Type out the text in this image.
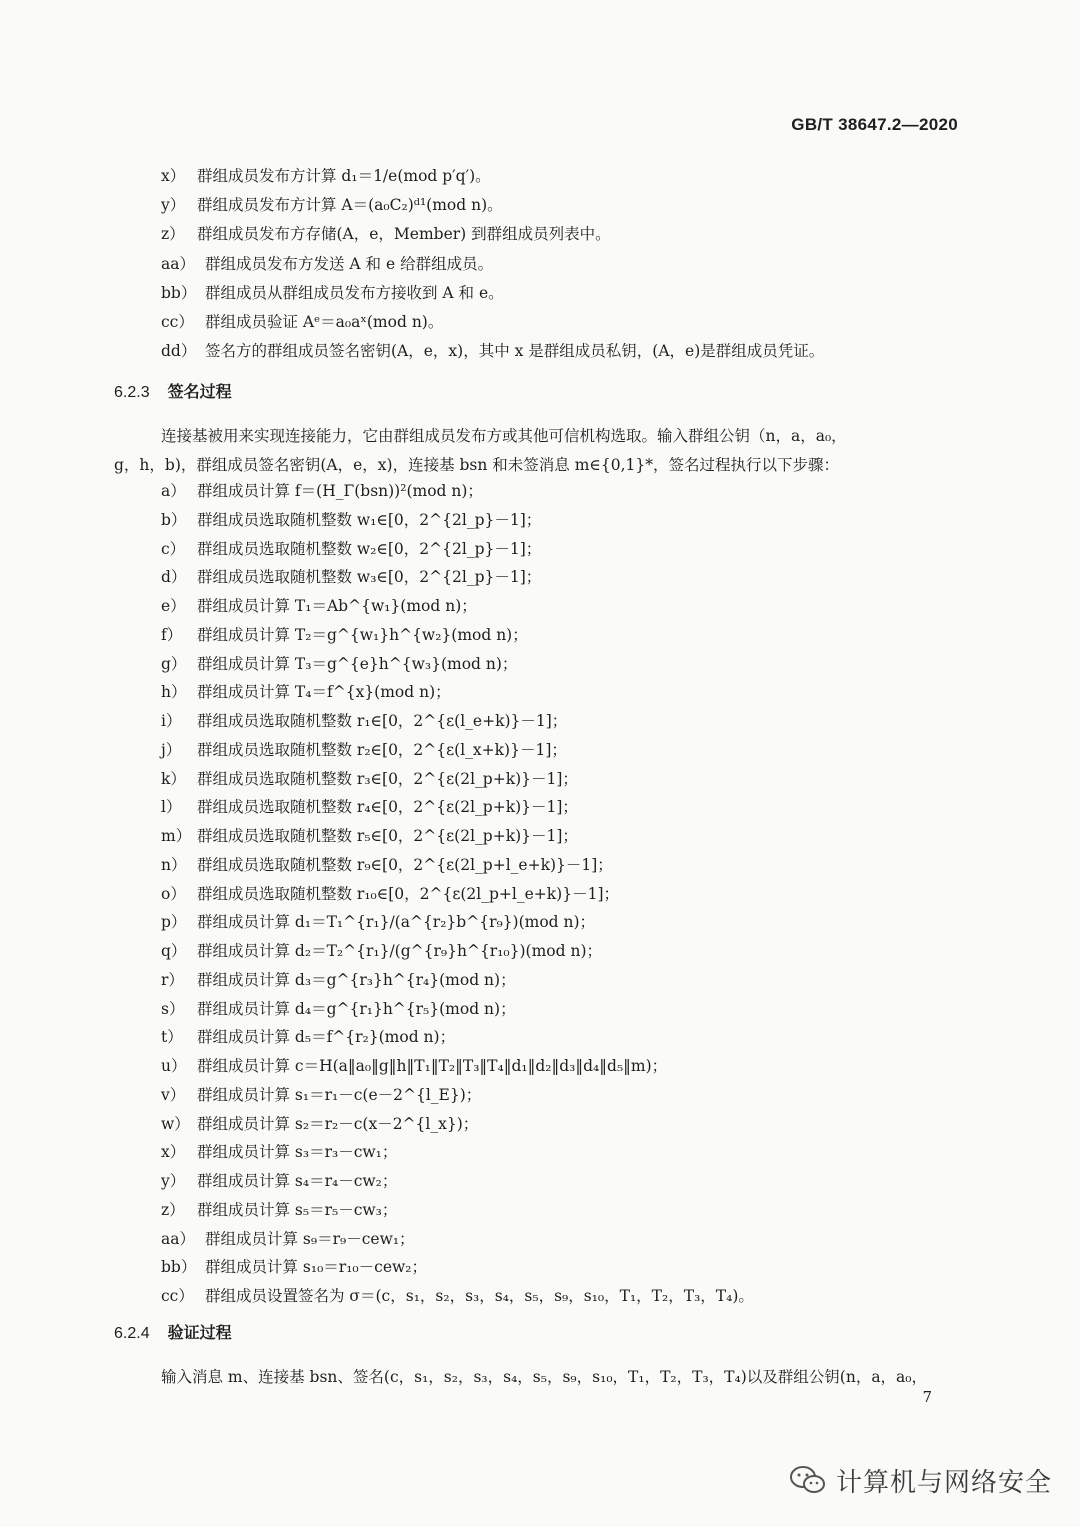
GB/T 38647.2—2020
x） 群组成员发布方计算 d₁＝1/e(mod p′q′)。
y） 群组成员发布方计算 A＝(a₀C₂)ᵈ¹(mod n)。
z） 群组成员发布方存储(A，e，Member) 到群组成员列表中。
aa） 群组成员发布方发送 A 和 e 给群组成员。
bb） 群组成员从群组成员发布方接收到 A 和 e。
cc） 群组成员验证 Aᵉ＝a₀aˣ(mod n)。
dd） 签名方的群组成员签名密钥(A，e，x)，其中 x 是群组成员私钥，(A，e)是群组成员凭证。
6.2.3 签名过程
连接基被用来实现连接能力，它由群组成员发布方或其他可信机构选取。输入群组公钥（n，a，a₀，
g，h，b)，群组成员签名密钥(A，e，x)，连接基 bsn 和未签消息 m∈{0,1}*，签名过程执行以下步骤：
a） 群组成员计算 f＝(H_Γ(bsn))²(mod n)；
b） 群组成员选取随机整数 w₁∈[0，2^{2l_p}－1]；
c） 群组成员选取随机整数 w₂∈[0，2^{2l_p}－1]；
d） 群组成员选取随机整数 w₃∈[0，2^{2l_p}－1]；
e） 群组成员计算 T₁＝Ab^{w₁}(mod n)；
f） 群组成员计算 T₂＝g^{w₁}h^{w₂}(mod n)；
g） 群组成员计算 T₃＝g^{e}h^{w₃}(mod n)；
h） 群组成员计算 T₄＝f^{x}(mod n)；
i） 群组成员选取随机整数 r₁∈[0，2^{ε(l_e+k)}－1]；
j） 群组成员选取随机整数 r₂∈[0，2^{ε(l_x+k)}－1]；
k） 群组成员选取随机整数 r₃∈[0，2^{ε(2l_p+k)}－1]；
l） 群组成员选取随机整数 r₄∈[0，2^{ε(2l_p+k)}－1]；
m） 群组成员选取随机整数 r₅∈[0，2^{ε(2l_p+k)}－1]；
n） 群组成员选取随机整数 r₉∈[0，2^{ε(2l_p+l_e+k)}－1]；
o） 群组成员选取随机整数 r₁₀∈[0，2^{ε(2l_p+l_e+k)}－1]；
p） 群组成员计算 d₁＝T₁^{r₁}/(a^{r₂}b^{r₉})(mod n)；
q） 群组成员计算 d₂＝T₂^{r₁}/(g^{r₉}h^{r₁₀})(mod n)；
r） 群组成员计算 d₃＝g^{r₃}h^{r₄}(mod n)；
s） 群组成员计算 d₄＝g^{r₁}h^{r₅}(mod n)；
t） 群组成员计算 d₅＝f^{r₂}(mod n)；
u） 群组成员计算 c＝H(a‖a₀‖g‖h‖T₁‖T₂‖T₃‖T₄‖d₁‖d₂‖d₃‖d₄‖d₅‖m)；
v） 群组成员计算 s₁＝r₁－c(e－2^{l_E})；
w） 群组成员计算 s₂＝r₂－c(x－2^{l_x})；
x） 群组成员计算 s₃＝r₃－cw₁；
y） 群组成员计算 s₄＝r₄－cw₂；
z） 群组成员计算 s₅＝r₅－cw₃；
aa） 群组成员计算 s₉＝r₉－cew₁；
bb） 群组成员计算 s₁₀＝r₁₀－cew₂；
cc） 群组成员设置签名为 σ＝(c，s₁，s₂，s₃，s₄，s₅，s₉，s₁₀，T₁，T₂，T₃，T₄)。
6.2.4 验证过程
输入消息 m、连接基 bsn、签名(c，s₁，s₂，s₃，s₄，s₅，s₉，s₁₀，T₁，T₂，T₃，T₄)以及群组公钥(n，a，a₀，
7
计算机与网络安全
